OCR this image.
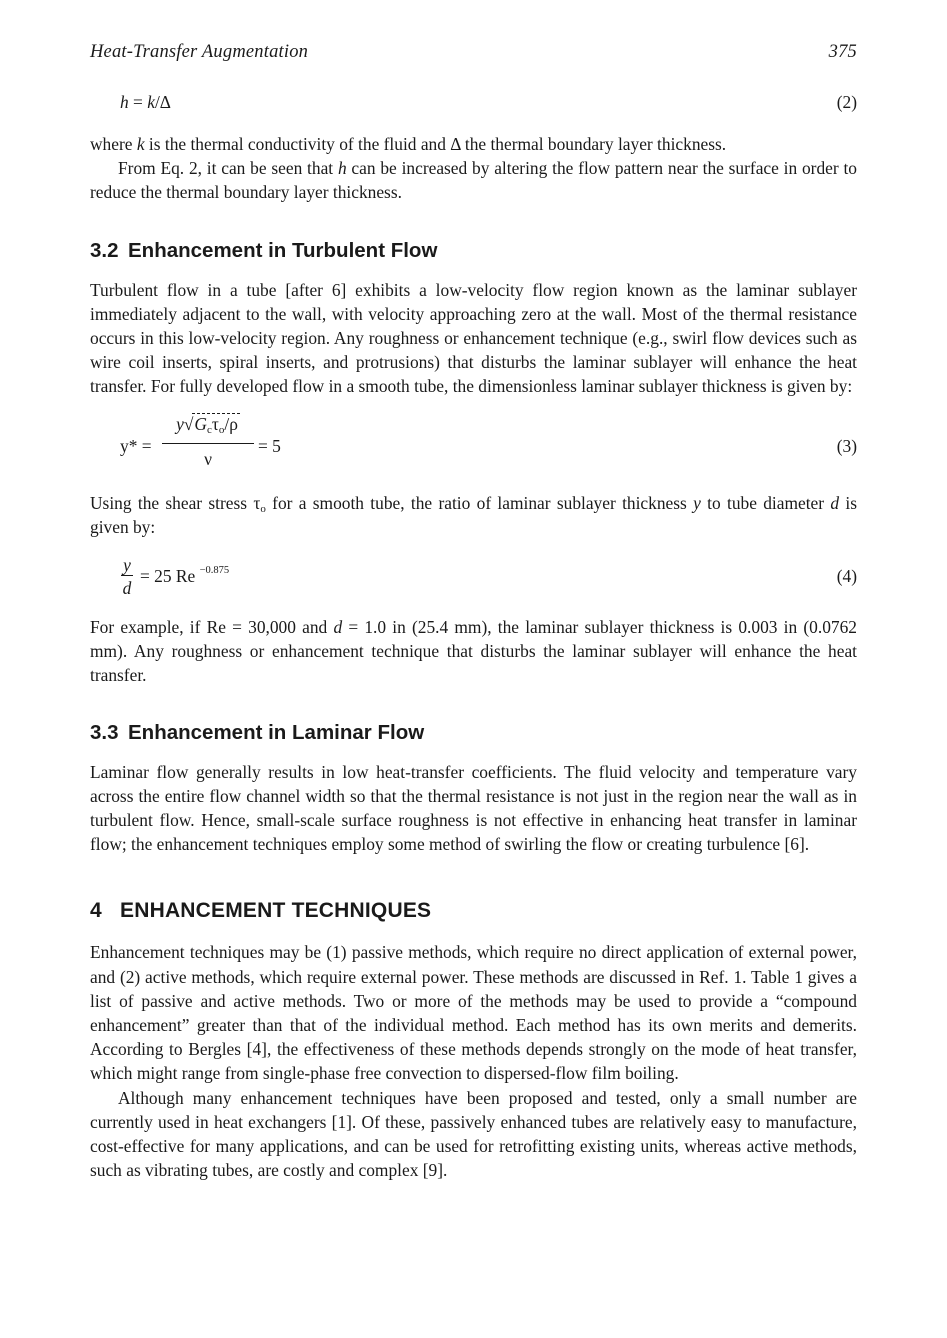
Heat-Transfer Augmentation	375
h = k/Δ	(2)

where k is the thermal conductivity of the fluid and Δ the thermal boundary layer thickness.

From Eq. 2, it can be seen that h can be increased by altering the flow pattern near the surface in order to reduce the thermal boundary layer thickness.

3.2 Enhancement in Turbulent Flow

Turbulent flow in a tube [after 6] exhibits a low-velocity flow region known as the laminar sublayer immediately adjacent to the wall, with velocity approaching zero at the wall. Most of the thermal resistance occurs in this low-velocity region. Any roughness or enhancement technique (e.g., swirl flow devices such as wire coil inserts, spiral inserts, and protrusions) that disturbs the laminar sublayer will enhance the heat transfer. For fully developed flow in a smooth tube, the dimensionless laminar sublayer thickness is given by:

y* =
$y√G_c\tau_o/\rho$
ν
= 5	(3)

Using the shear stress $\tau_o$ for a smooth tube, the ratio of laminar sublayer thickness y to tube diameter d is given by:

y
d
= 25 Re $^{-0.875}$	(4)

For example, if Re = 30,000 and d = 1.0 in (25.4 mm), the laminar sublayer thickness is 0.003 in (0.0762 mm). Any roughness or enhancement technique that disturbs the laminar sublayer will enhance the heat transfer.

3.3 Enhancement in Laminar Flow

Laminar flow generally results in low heat-transfer coefficients. The fluid velocity and temperature vary across the entire flow channel width so that the thermal resistance is not just in the region near the wall as in turbulent flow. Hence, small-scale surface roughness is not effective in enhancing heat transfer in laminar flow; the enhancement techniques employ some method of swirling the flow or creating turbulence [6].

4 ENHANCEMENT TECHNIQUES

Enhancement techniques may be (1) passive methods, which require no direct application of external power, and (2) active methods, which require external power. These methods are discussed in Ref. 1. Table 1 gives a list of passive and active methods. Two or more of the methods may be used to provide a “compound enhancement” greater than that of the individual method. Each method has its own merits and demerits. According to Bergles [4], the effectiveness of these methods depends strongly on the mode of heat transfer, which might range from single-phase free convection to dispersed-flow film boiling.

Although many enhancement techniques have been proposed and tested, only a small number are currently used in heat exchangers [1]. Of these, passively enhanced tubes are relatively easy to manufacture, cost-effective for many applications, and can be used for retrofitting existing units, whereas active methods, such as vibrating tubes, are costly and complex [9].
